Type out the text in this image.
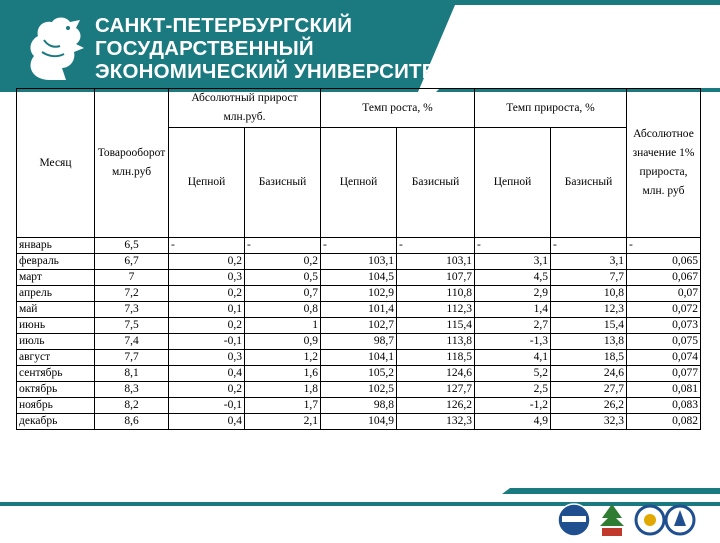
САНКТ-ПЕТЕРБУРГСКИЙ
ГОСУДАРСТВЕННЫЙ
ЭКОНОМИЧЕСКИЙ УНИВЕРСИТЕТ
Месяц	Товарооборот млн.руб	Абсолютный прирост млн.руб.		Темп роста, %		Темп прироста, %		Абсолютное значение 1% прироста, млн. руб
		Цепной	Базисный	Цепной	Базисный	Цепной	Базисный	
январь	6,5	-	-	-	-	-	-	-
февраль	6,7	0,2	0,2	103,1	103,1	3,1	3,1	0,065
март	7	0,3	0,5	104,5	107,7	4,5	7,7	0,067
апрель	7,2	0,2	0,7	102,9	110,8	2,9	10,8	0,07
май	7,3	0,1	0,8	101,4	112,3	1,4	12,3	0,072
июнь	7,5	0,2	1	102,7	115,4	2,7	15,4	0,073
июль	7,4	-0,1	0,9	98,7	113,8	-1,3	13,8	0,075
август	7,7	0,3	1,2	104,1	118,5	4,1	18,5	0,074
сентябрь	8,1	0,4	1,6	105,2	124,6	5,2	24,6	0,077
октябрь	8,3	0,2	1,8	102,5	127,7	2,5	27,7	0,081
ноябрь	8,2	-0,1	1,7	98,8	126,2	-1,2	26,2	0,083
декабрь	8,6	0,4	2,1	104,9	132,3	4,9	32,3	0,082
